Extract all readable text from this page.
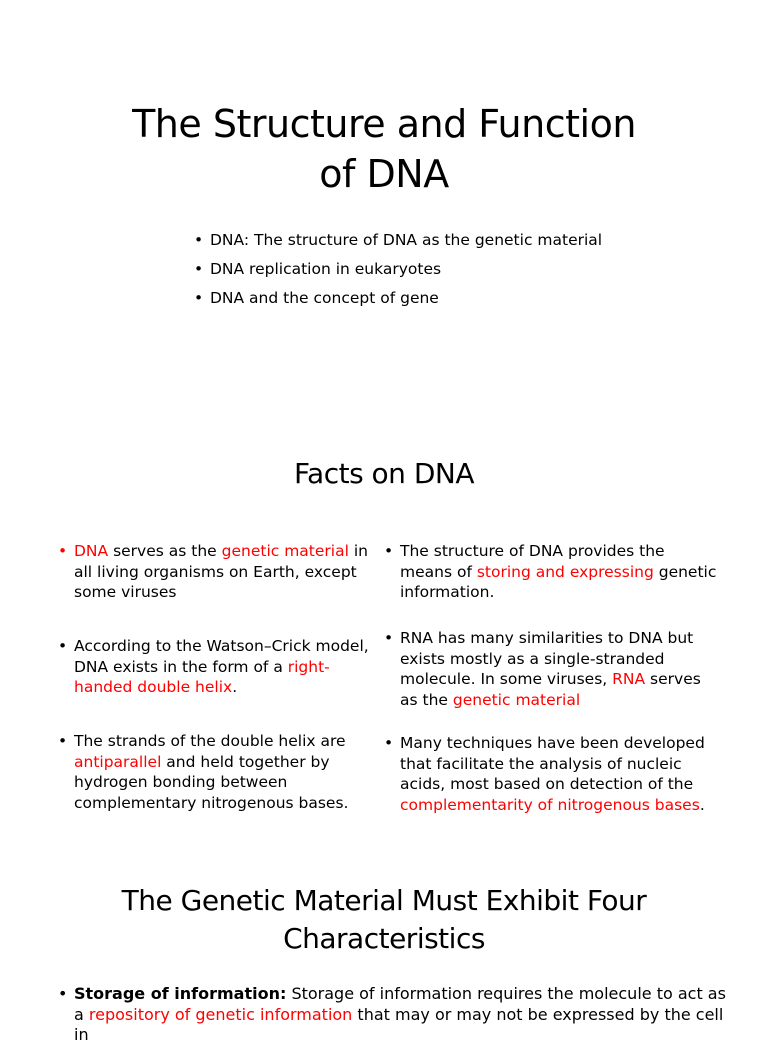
The Structure and Function
of DNA
• DNA: The structure of DNA as the genetic material
• DNA replication in eukaryotes
• DNA and the concept of gene
Facts on DNA
• DNA serves as the genetic material in all living organisms on Earth, except some viruses
• According to the Watson–Crick model, DNA exists in the form of a right-handed double helix.
• The strands of the double helix are antiparallel and held together by hydrogen bonding between complementary nitrogenous bases.
• The structure of DNA provides the means of storing and expressing genetic information.
• RNA has many similarities to DNA but exists mostly as a single-stranded molecule. In some viruses, RNA serves as the genetic material
• Many techniques have been developed that facilitate the analysis of nucleic acids, most based on detection of the complementarity of nitrogenous bases.
The Genetic Material Must Exhibit Four
Characteristics
• Storage of information: Storage of information requires the molecule to act as a repository of genetic information that may or may not be expressed by the cell in
